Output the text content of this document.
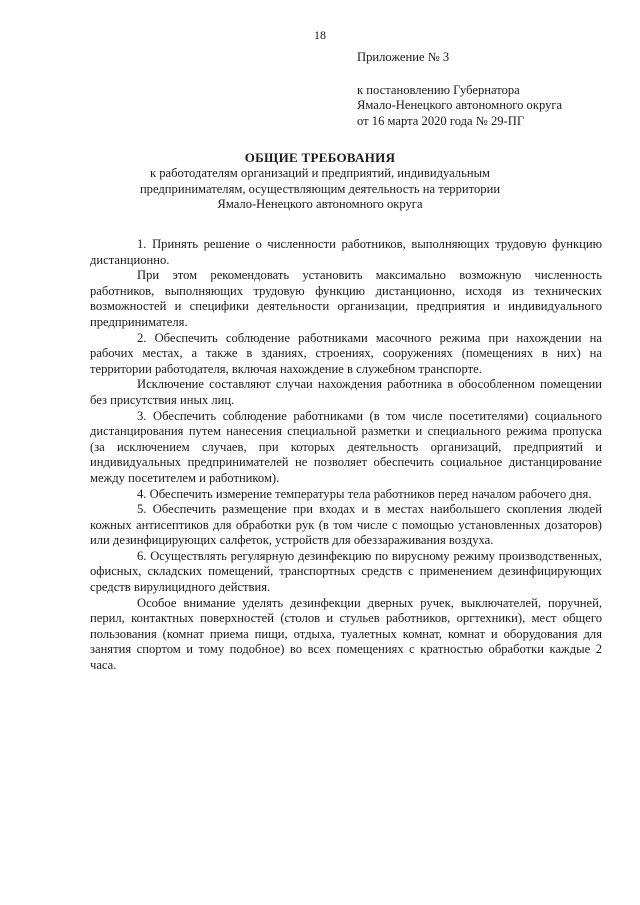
18
Приложение № 3
к постановлению Губернатора
Ямало-Ненецкого автономного округа
от 16 марта 2020 года № 29-ПГ
ОБЩИЕ ТРЕБОВАНИЯ
к работодателям организаций и предприятий, индивидуальным
предпринимателям, осуществляющим деятельность на территории
Ямало-Ненецкого автономного округа

1. Принять решение о численности работников, выполняющих трудовую функцию дистанционно.

При этом рекомендовать установить максимально возможную численность работников, выполняющих трудовую функцию дистанционно, исходя из технических возможностей и специфики деятельности организации, предприятия и индивидуального предпринимателя.

2. Обеспечить соблюдение работниками масочного режима при нахождении на рабочих местах, а также в зданиях, строениях, сооружениях (помещениях в них) на территории работодателя, включая нахождение в служебном транспорте.

Исключение составляют случаи нахождения работника в обособленном помещении без присутствия иных лиц.

3. Обеспечить соблюдение работниками (в том числе посетителями) социального дистанцирования путем нанесения специальной разметки и специального режима пропуска (за исключением случаев, при которых деятельность организаций, предприятий и индивидуальных предпринимателей не позволяет обеспечить социальное дистанцирование между посетителем и работником).

4. Обеспечить измерение температуры тела работников перед началом рабочего дня.

5. Обеспечить размещение при входах и в местах наибольшего скопления людей кожных антисептиков для обработки рук (в том числе с помощью установленных дозаторов) или дезинфицирующих салфеток, устройств для обеззараживания воздуха.

6. Осуществлять регулярную дезинфекцию по вирусному режиму производственных, офисных, складских помещений, транспортных средств с применением дезинфицирующих средств вирулицидного действия.

Особое внимание уделять дезинфекции дверных ручек, выключателей, поручней, перил, контактных поверхностей (столов и стульев работников, оргтехники), мест общего пользования (комнат приема пищи, отдыха, туалетных комнат, комнат и оборудования для занятия спортом и тому подобное) во всех помещениях с кратностью обработки каждые 2 часа.
